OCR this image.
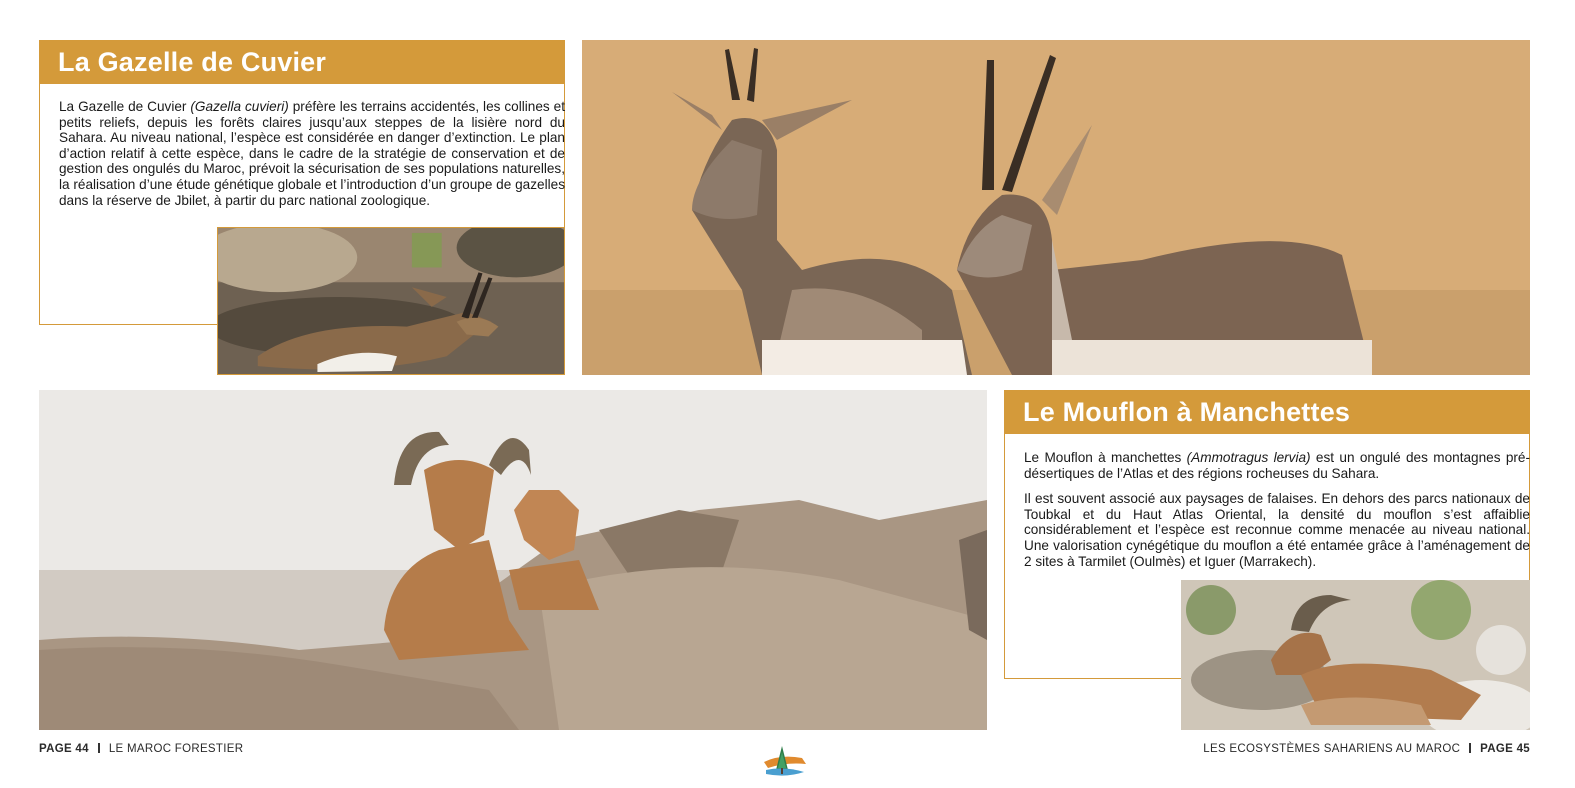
La Gazelle de Cuvier
La Gazelle de Cuvier (Gazella cuvieri) préfère les terrains accidentés, les collines et petits reliefs, depuis les forêts claires jusqu’aux steppes de la lisière nord du Sahara. Au niveau national, l’espèce est considérée en danger d’extinction. Le plan d’action relatif à cette espèce, dans le cadre de la stratégie de conservation et de gestion des ongulés du Maroc, prévoit la sécurisation de ses populations naturelles, la réalisation d’une étude génétique globale et l’introduction d’un groupe de gazelles dans la réserve de Jbilet, à partir du parc national zoologique.
Le Mouflon à Manchettes

Le Mouflon à manchettes (Ammotragus lervia) est un ongulé des montagnes pré-désertiques de l’Atlas et des régions rocheuses du Sahara.

Il est souvent associé aux paysages de falaises. En dehors des parcs nationaux de Toubkal et du Haut Atlas Oriental, la densité du mouflon s’est affaiblie considérablement et l’espèce est reconnue comme menacée au niveau national. Une valorisation cynégétique du mouflon a été entamée grâce à l’aménagement de 2 sites à Tarmilet (Oulmès) et Iguer (Marrakech).

PAGE 44 LE MAROC FORESTIER	LES ECOSYSTÈMES SAHARIENS AU MAROC PAGE 45
